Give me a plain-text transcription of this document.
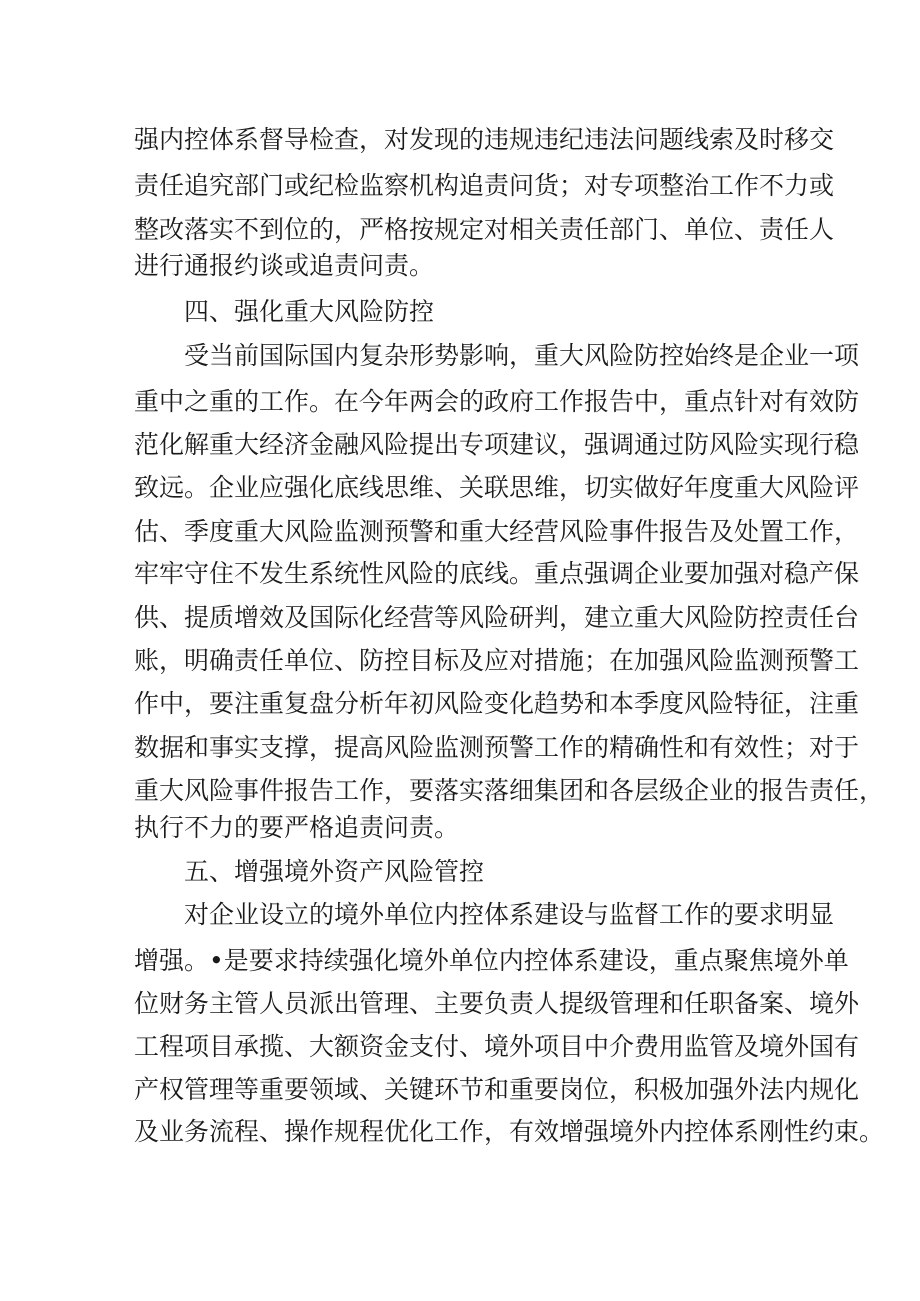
强内控体系督导检查，对发现的违规违纪违法问题线索及时移交
责任追究部门或纪检监察机构追责问货；对专项整治工作不力或
整改落实不到位的，严格按规定对相关责任部门、单位、责任人
进行通报约谈或追责问责。
四、强化重大风险防控
受当前国际国内复杂形势影响，重大风险防控始终是企业一项
重中之重的工作。在今年两会的政府工作报告中，重点针对有效防
范化解重大经济金融风险提出专项建议，强调通过防风险实现行稳
致远。企业应强化底线思维、关联思维，切实做好年度重大风险评
估、季度重大风险监测预警和重大经营风险事件报告及处置工作，
牢牢守住不发生系统性风险的底线。重点强调企业要加强对稳产保
供、提质增效及国际化经营等风险研判，建立重大风险防控责任台
账，明确责任单位、防控目标及应对措施；在加强风险监测预警工
作中，要注重复盘分析年初风险变化趋势和本季度风险特征，注重
数据和事实支撑，提高风险监测预警工作的精确性和有效性；对于
重大风险事件报告工作，要落实落细集团和各层级企业的报告责任，
执行不力的要严格追责问责。
五、增强境外资产风险管控
对企业设立的境外单位内控体系建设与监督工作的要求明显
增强。•是要求持续强化境外单位内控体系建设，重点聚焦境外单
位财务主管人员派出管理、主要负责人提级管理和任职备案、境外
工程项目承揽、大额资金支付、境外项目中介费用监管及境外国有
产权管理等重要领域、关键环节和重要岗位，积极加强外法内规化
及业务流程、操作规程优化工作，有效增强境外内控体系刚性约束。
